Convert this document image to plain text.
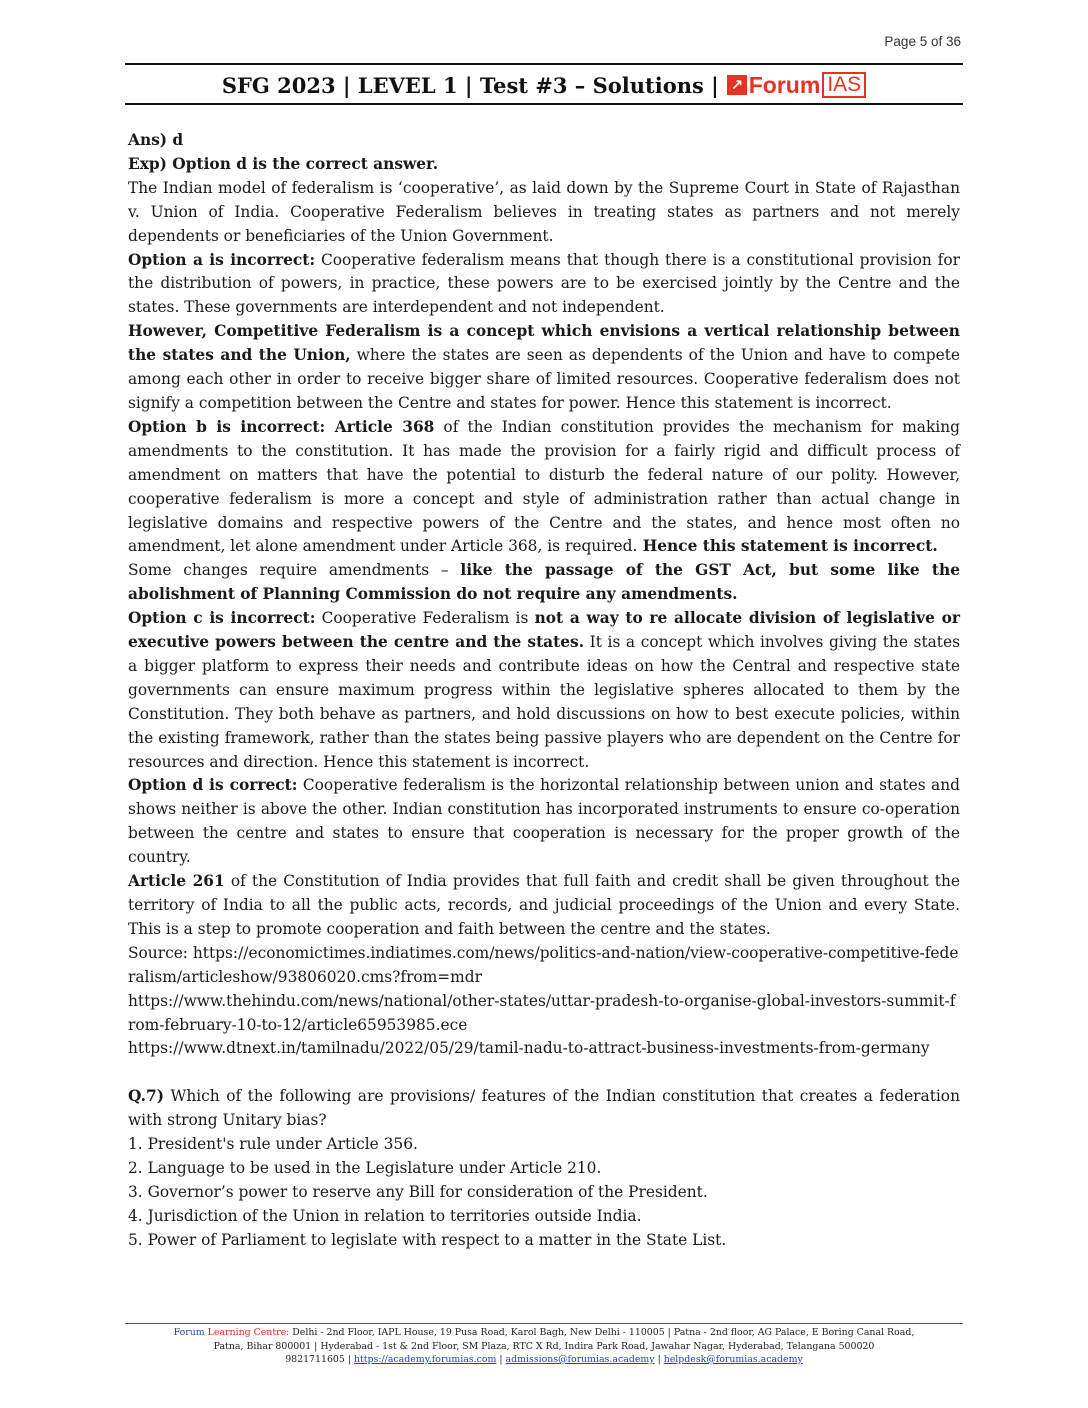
Page 5 of 36
SFG 2023 | LEVEL 1 | Test #3 – Solutions | ↗ Forum IAS

Ans) d

Exp) Option d is the correct answer.

The Indian model of federalism is ‘cooperative’, as laid down by the Supreme Court in State of Rajasthan v. Union of India. Cooperative Federalism believes in treating states as partners and not merely dependents or beneficiaries of the Union Government.

Option a is incorrect: Cooperative federalism means that though there is a constitutional provision for the distribution of powers, in practice, these powers are to be exercised jointly by the Centre and the states. These governments are interdependent and not independent.

However, Competitive Federalism is a concept which envisions a vertical relationship between the states and the Union, where the states are seen as dependents of the Union and have to compete among each other in order to receive bigger share of limited resources. Cooperative federalism does not signify a competition between the Centre and states for power. Hence this statement is incorrect.

Option b is incorrect: Article 368 of the Indian constitution provides the mechanism for making amendments to the constitution. It has made the provision for a fairly rigid and difficult process of amendment on matters that have the potential to disturb the federal nature of our polity. However, cooperative federalism is more a concept and style of administration rather than actual change in legislative domains and respective powers of the Centre and the states, and hence most often no amendment, let alone amendment under Article 368, is required. Hence this statement is incorrect.

Some changes require amendments – like the passage of the GST Act, but some like the abolishment of Planning Commission do not require any amendments.

Option c is incorrect: Cooperative Federalism is not a way to re allocate division of legislative or executive powers between the centre and the states. It is a concept which involves giving the states a bigger platform to express their needs and contribute ideas on how the Central and respective state governments can ensure maximum progress within the legislative spheres allocated to them by the Constitution. They both behave as partners, and hold discussions on how to best execute policies, within the existing framework, rather than the states being passive players who are dependent on the Centre for resources and direction. Hence this statement is incorrect.

Option d is correct: Cooperative federalism is the horizontal relationship between union and states and shows neither is above the other. Indian constitution has incorporated instruments to ensure co-operation between the centre and states to ensure that cooperation is necessary for the proper growth of the country.

Article 261 of the Constitution of India provides that full faith and credit shall be given throughout the territory of India to all the public acts, records, and judicial proceedings of the Union and every State. This is a step to promote cooperation and faith between the centre and the states.

Source: https://economictimes.indiatimes.com/news/politics-and-nation/view-cooperative-competitive-federalism/articleshow/93806020.cms?from=mdr

https://www.thehindu.com/news/national/other-states/uttar-pradesh-to-organise-global-investors-summit-from-february-10-to-12/article65953985.ece

https://www.dtnext.in/tamilnadu/2022/05/29/tamil-nadu-to-attract-business-investments-from-germany

Q.7) Which of the following are provisions/ features of the Indian constitution that creates a federation with strong Unitary bias?

1. President's rule under Article 356.

2. Language to be used in the Legislature under Article 210.

3. Governor’s power to reserve any Bill for consideration of the President.

4. Jurisdiction of the Union in relation to territories outside India.

5. Power of Parliament to legislate with respect to a matter in the State List.

Forum Learning Centre: Delhi - 2nd Floor, IAPL House, 19 Pusa Road, Karol Bagh, New Delhi - 110005 | Patna - 2nd floor, AG Palace, E Boring Canal Road,
Patna, Bihar 800001 | Hyderabad - 1st & 2nd Floor, SM Plaza, RTC X Rd, Indira Park Road, Jawahar Nagar, Hyderabad, Telangana 500020
9821711605 | https://academy.forumias.com | admissions@forumias.academy | helpdesk@forumias.academy
